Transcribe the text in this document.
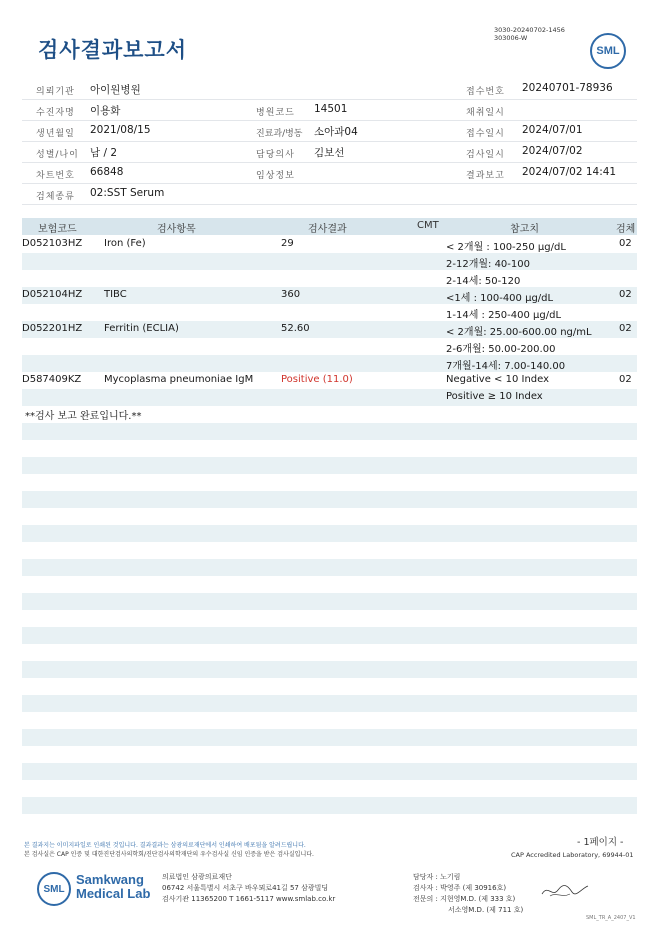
검사결과보고서
3030-20240702-1456
303006-W
SML
의뢰기관 아이원병원	접수번호 20240701-78936
수진자명 이용화	병원코드 14501	채취일시
생년월일 2021/08/15	진료과/병동 소아과04	접수일시 2024/07/01
성별/나이 남 / 2	담당의사 김보선	검사일시 2024/07/02
차트번호 66848	임상정보	결과보고 2024/07/02 14:41
검체종류 02:SST Serum
보험코드	검사항목	검사결과	CMT	참고치	검체
D052103HZ Iron (Fe)	29	< 2개월 : 100-250 µg/dL	02
2-12개월: 40-100
2-14세: 50-120
D052104HZ TIBC	360	<1세 : 100-400 µg/dL	02
1-14세 : 250-400 µg/dL
D052201HZ Ferritin (ECLIA)	52.60	< 2개월: 25.00-600.00 ng/mL	02
2-6개월: 50.00-200.00
7개월-14세: 7.00-140.00
D587409KZ Mycoplasma pneumoniae IgM	Positive (11.0)	Negative < 10 Index	02
Positive ≥ 10 Index
**검사 보고 완료입니다.**
본 결과지는 이미지파일로 인쇄된 것입니다. 결과결과는 삼광의료재단에서 인쇄하여 배포됨을 알려드립니다.
본 검사실은 CAP 인증 및 대한진단검사의학회/진단검사의학재단의 우수검사실 신임 인증을 받은 검사실입니다.
- 1페이지 -
CAP Accredited Laboratory, 69944-01
SML
Samkwang
Medical Lab
의료법인 삼광의료재단
06742 서울특별시 서초구 바우뫼로41길 57 삼광빌딩
검사기관 11365200 T 1661-5117 www.smlab.co.kr
담당자 : 노기림
검사자 : 박영주 (제 30916호)
전문의 : 지현영M.D. (제 333 호)
서소영M.D. (제 711 호)
SML_TR_A_2407_V1
